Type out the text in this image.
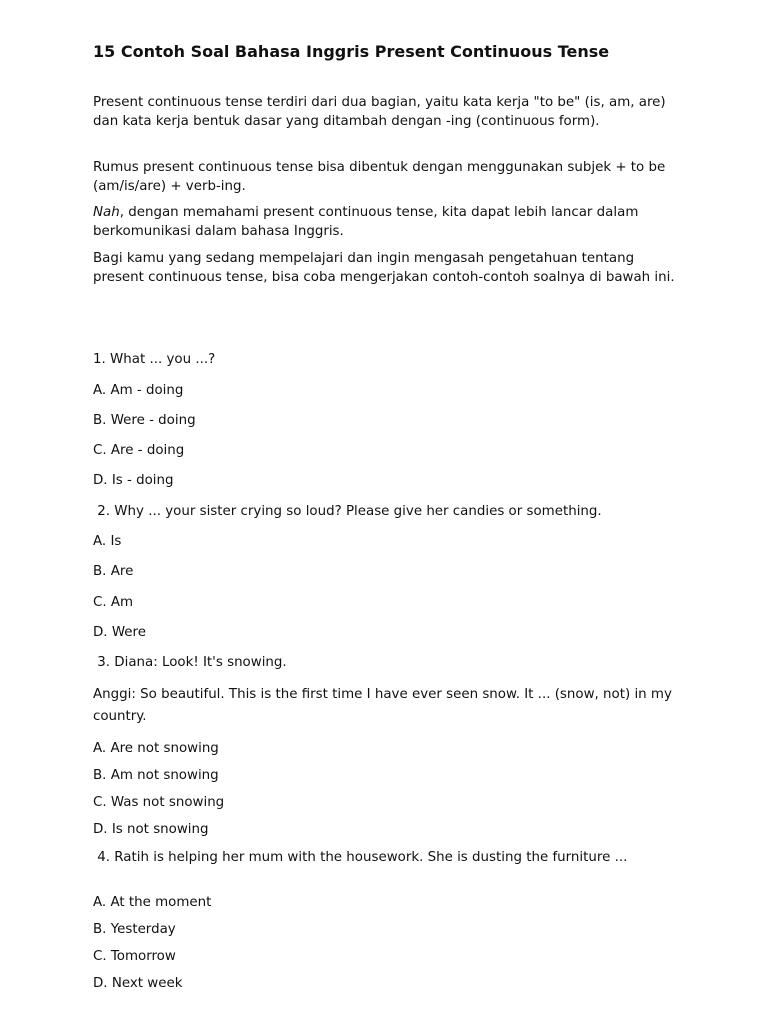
15 Contoh Soal Bahasa Inggris Present Continuous Tense

Present continuous tense terdiri dari dua bagian, yaitu kata kerja "to be" (is, am, are) dan kata kerja bentuk dasar yang ditambah dengan -ing (continuous form).

Rumus present continuous tense bisa dibentuk dengan menggunakan subjek + to be (am/is/are) + verb-ing.

Nah, dengan memahami present continuous tense, kita dapat lebih lancar dalam berkomunikasi dalam bahasa Inggris.

Bagi kamu yang sedang mempelajari dan ingin mengasah pengetahuan tentang present continuous tense, bisa coba mengerjakan contoh-contoh soalnya di bawah ini.

1. What ... you ...?

A. Am - doing

B. Were - doing

C. Are - doing

D. Is - doing

2. Why ... your sister crying so loud? Please give her candies or something.

A. Is

B. Are

C. Am

D. Were

3. Diana: Look! It's snowing.

Anggi: So beautiful. This is the first time I have ever seen snow. It ... (snow, not) in my country.

A. Are not snowing

B. Am not snowing

C. Was not snowing

D. Is not snowing

4. Ratih is helping her mum with the housework. She is dusting the furniture ...

A. At the moment

B. Yesterday

C. Tomorrow

D. Next week
